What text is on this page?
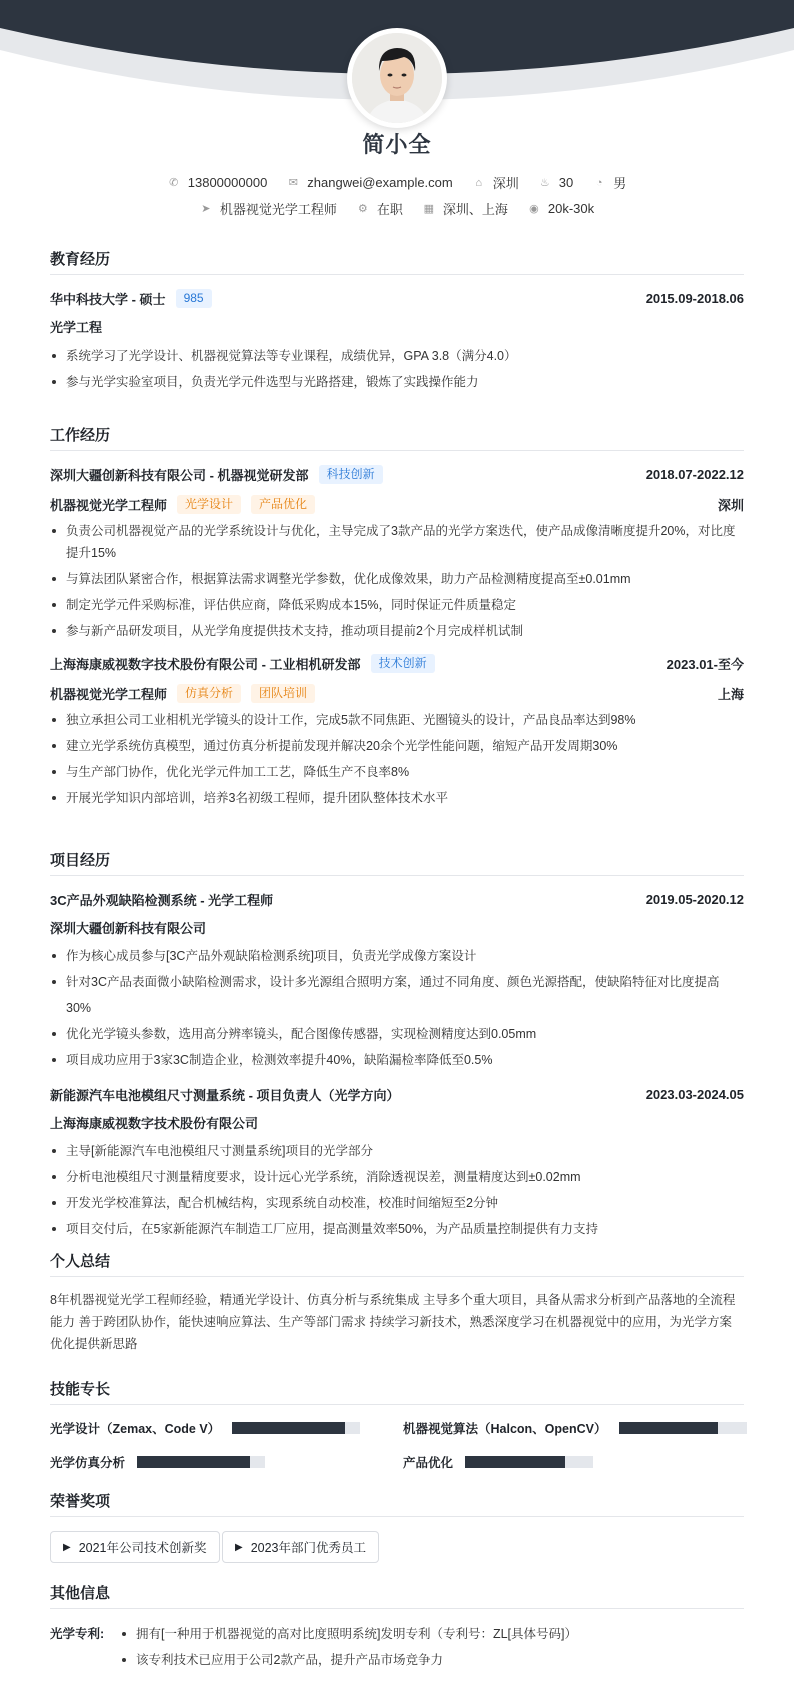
简小全
✆ 13800000000 ✉ zhangwei@example.com ⌂ 深圳 ♨ 30 ◔ 男
➤ 机器视觉光学工程师 ⚙ 在职 ▦ 深圳、上海 ◉ 20k-30k
教育经历
华中科技大学 - 硕士	985	2015.09-2018.06
光学工程
系统学习了光学设计、机器视觉算法等专业课程，成绩优异，GPA 3.8（满分4.0）
参与光学实验室项目，负责光学元件选型与光路搭建，锻炼了实践操作能力
工作经历
深圳大疆创新科技有限公司 - 机器视觉研发部	科技创新	2018.07-2022.12
机器视觉光学工程师	光学设计	产品优化	深圳
负责公司机器视觉产品的光学系统设计与优化，主导完成了3款产品的光学方案迭代，使产品成像清晰度提升20%，对比度提升15%
与算法团队紧密合作，根据算法需求调整光学参数，优化成像效果，助力产品检测精度提高至±0.01mm
制定光学元件采购标准，评估供应商，降低采购成本15%，同时保证元件质量稳定
参与新产品研发项目，从光学角度提供技术支持，推动项目提前2个月完成样机试制
上海海康威视数字技术股份有限公司 - 工业相机研发部	技术创新	2023.01-至今
机器视觉光学工程师	仿真分析	团队培训	上海
独立承担公司工业相机光学镜头的设计工作，完成5款不同焦距、光圈镜头的设计，产品良品率达到98%
建立光学系统仿真模型，通过仿真分析提前发现并解决20余个光学性能问题，缩短产品开发周期30%
与生产部门协作，优化光学元件加工工艺，降低生产不良率8%
开展光学知识内部培训，培养3名初级工程师，提升团队整体技术水平
项目经历
3C产品外观缺陷检测系统 - 光学工程师	2019.05-2020.12
深圳大疆创新科技有限公司
作为核心成员参与[3C产品外观缺陷检测系统]项目，负责光学成像方案设计
针对3C产品表面微小缺陷检测需求，设计多光源组合照明方案，通过不同角度、颜色光源搭配，使缺陷特征对比度提高30%
优化光学镜头参数，选用高分辨率镜头，配合图像传感器，实现检测精度达到0.05mm
项目成功应用于3家3C制造企业，检测效率提升40%，缺陷漏检率降低至0.5%
新能源汽车电池模组尺寸测量系统 - 项目负责人（光学方向）	2023.03-2024.05
上海海康威视数字技术股份有限公司
主导[新能源汽车电池模组尺寸测量系统]项目的光学部分
分析电池模组尺寸测量精度要求，设计远心光学系统，消除透视误差，测量精度达到±0.02mm
开发光学校准算法，配合机械结构，实现系统自动校准，校准时间缩短至2分钟
项目交付后，在5家新能源汽车制造工厂应用，提高测量效率50%，为产品质量控制提供有力支持
个人总结
8年机器视觉光学工程师经验，精通光学设计、仿真分析与系统集成 主导多个重大项目，具备从需求分析到产品落地的全流程能力 善于跨团队协作，能快速响应算法、生产等部门需求 持续学习新技术，熟悉深度学习在机器视觉中的应用，为光学方案优化提供新思路
技能专长
光学设计（Zemax、Code V）	机器视觉算法（Halcon、OpenCV）
光学仿真分析	产品优化
荣誉奖项
▶ 2021年公司技术创新奖	▶ 2023年部门优秀员工
其他信息
光学专利:	拥有[一种用于机器视觉的高对比度照明系统]发明专利（专利号：ZL[具体号码]）
该专利技术已应用于公司2款产品，提升产品市场竞争力
